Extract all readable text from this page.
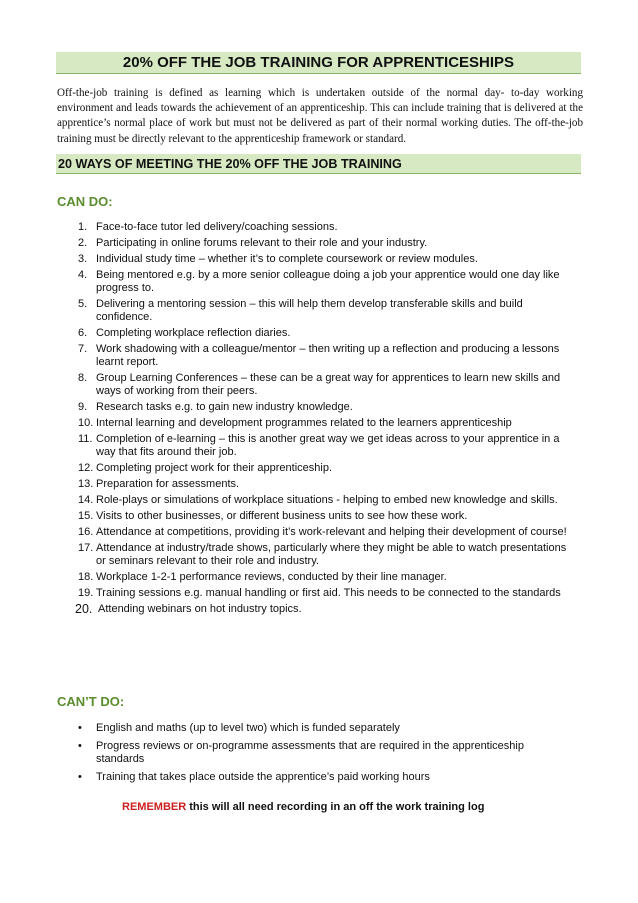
20% OFF THE JOB TRAINING FOR APPRENTICESHIPS

Off-the-job training is defined as learning which is undertaken outside of the normal day- to-day working environment and leads towards the achievement of an apprenticeship. This can include training that is delivered at the apprentice’s normal place of work but must not be delivered as part of their normal working duties. The off-the-job training must be directly relevant to the apprenticeship framework or standard.

20 WAYS OF MEETING THE 20% OFF THE JOB TRAINING
CAN DO:
1. Face-to-face tutor led delivery/coaching sessions.
2. Participating in online forums relevant to their role and your industry.
3. Individual study time – whether it’s to complete coursework or review modules.
4. Being mentored e.g. by a more senior colleague doing a job your apprentice would one day like progress to.
5. Delivering a mentoring session – this will help them develop transferable skills and build confidence.
6. Completing workplace reflection diaries.
7. Work shadowing with a colleague/mentor – then writing up a reflection and producing a lessons learnt report.
8. Group Learning Conferences – these can be a great way for apprentices to learn new skills and ways of working from their peers.
9. Research tasks e.g. to gain new industry knowledge.
10. Internal learning and development programmes related to the learners apprenticeship
11. Completion of e-learning – this is another great way we get ideas across to your apprentice in a way that fits around their job.
12. Completing project work for their apprenticeship.
13. Preparation for assessments.
14. Role-plays or simulations of workplace situations - helping to embed new knowledge and skills.
15. Visits to other businesses, or different business units to see how these work.
16. Attendance at competitions, providing it’s work-relevant and helping their development of course!
17. Attendance at industry/trade shows, particularly where they might be able to watch presentations or seminars relevant to their role and industry.
18. Workplace 1-2-1 performance reviews, conducted by their line manager.
19. Training sessions e.g. manual handling or first aid. This needs to be connected to the standards
20. Attending webinars on hot industry topics.
CAN’T DO:
• English and maths (up to level two) which is funded separately
• Progress reviews or on-programme assessments that are required in the apprenticeship standards
• Training that takes place outside the apprentice’s paid working hours
REMEMBER this will all need recording in an off the work training log
